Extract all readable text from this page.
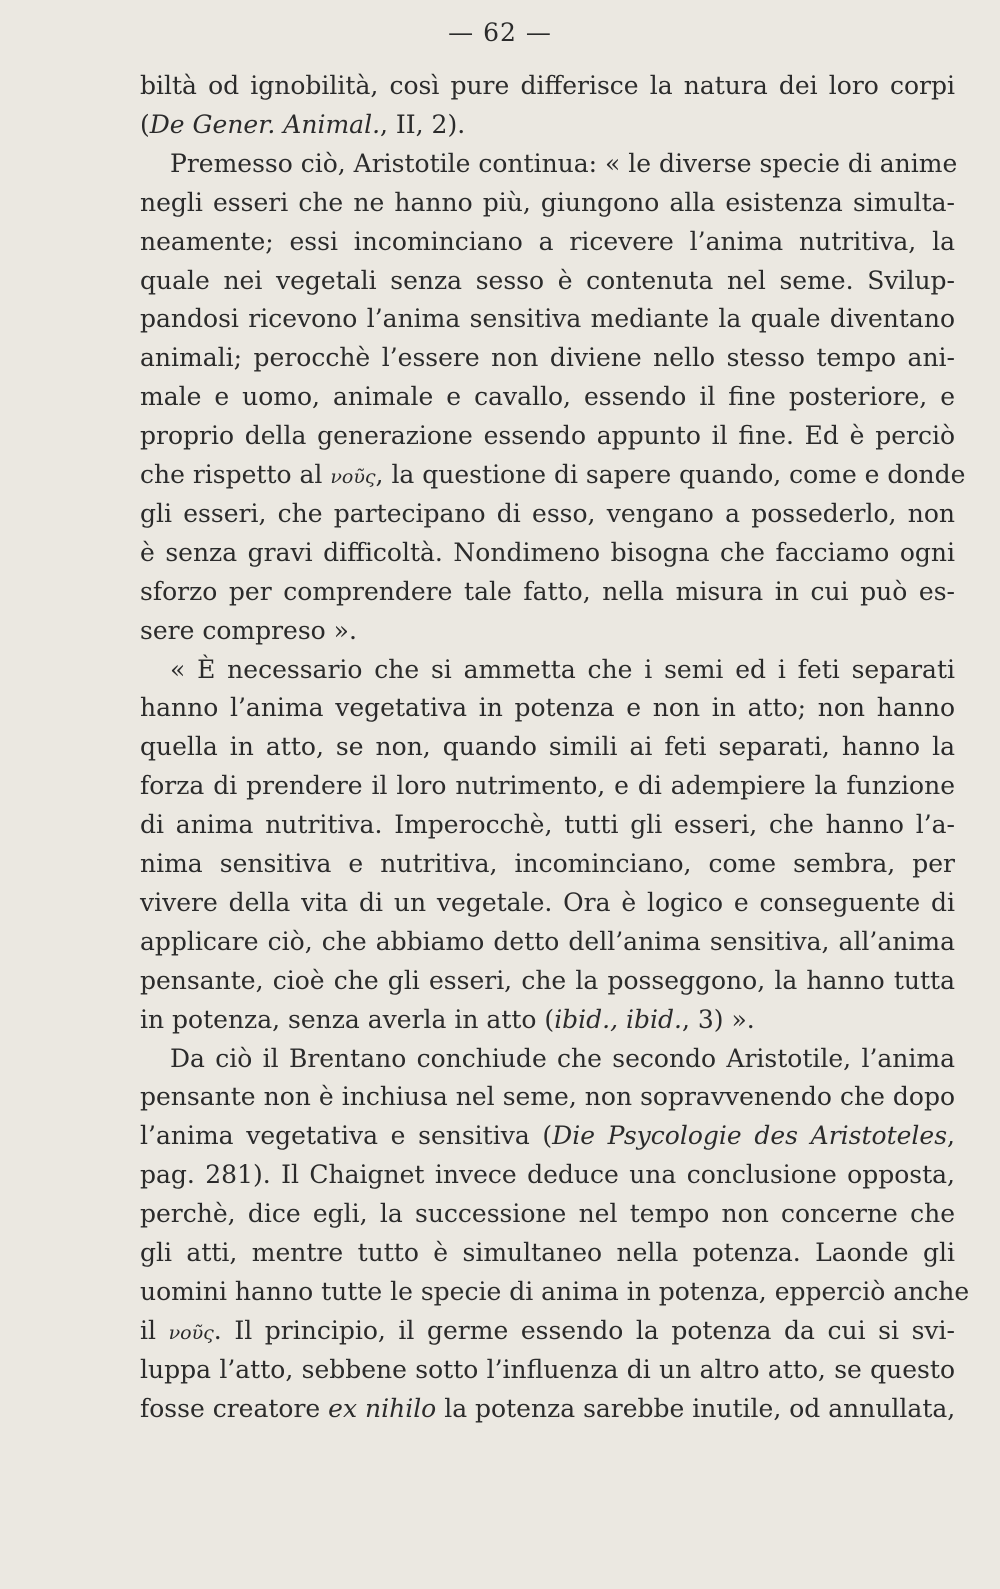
— 62 —
biltà od ignobilità, così pure differisce la natura dei loro corpi
(De Gener. Animal., II, 2).
Premesso ciò, Aristotile continua: « le diverse specie di anime
negli esseri che ne hanno più, giungono alla esistenza simulta-
neamente; essi incominciano a ricevere l’anima nutritiva, la
quale nei vegetali senza sesso è contenuta nel seme. Svilup-
pandosi ricevono l’anima sensitiva mediante la quale diventano
animali; perocchè l’essere non diviene nello stesso tempo ani-
male e uomo, animale e cavallo, essendo il fine posteriore, e
proprio della generazione essendo appunto il fine. Ed è perciò
che rispetto al νοῦς, la questione di sapere quando, come e donde
gli esseri, che partecipano di esso, vengano a possederlo, non
è senza gravi difficoltà. Nondimeno bisogna che facciamo ogni
sforzo per comprendere tale fatto, nella misura in cui può es-
sere compreso ».
« È necessario che si ammetta che i semi ed i feti separati
hanno l’anima vegetativa in potenza e non in atto; non hanno
quella in atto, se non, quando simili ai feti separati, hanno la
forza di prendere il loro nutrimento, e di adempiere la funzione
di anima nutritiva. Imperocchè, tutti gli esseri, che hanno l’a-
nima sensitiva e nutritiva, incominciano, come sembra, per
vivere della vita di un vegetale. Ora è logico e conseguente di
applicare ciò, che abbiamo detto dell’anima sensitiva, all’anima
pensante, cioè che gli esseri, che la posseggono, la hanno tutta
in potenza, senza averla in atto (ibid., ibid., 3) ».
Da ciò il Brentano conchiude che secondo Aristotile, l’anima
pensante non è inchiusa nel seme, non sopravvenendo che dopo
l’anima vegetativa e sensitiva (Die Psycologie des Aristoteles,
pag. 281). Il Chaignet invece deduce una conclusione opposta,
perchè, dice egli, la successione nel tempo non concerne che
gli atti, mentre tutto è simultaneo nella potenza. Laonde gli
uomini hanno tutte le specie di anima in potenza, epperciò anche
il νοῦς. Il principio, il germe essendo la potenza da cui si svi-
luppa l’atto, sebbene sotto l’influenza di un altro atto, se questo
fosse creatore ex nihilo la potenza sarebbe inutile, od annullata,
